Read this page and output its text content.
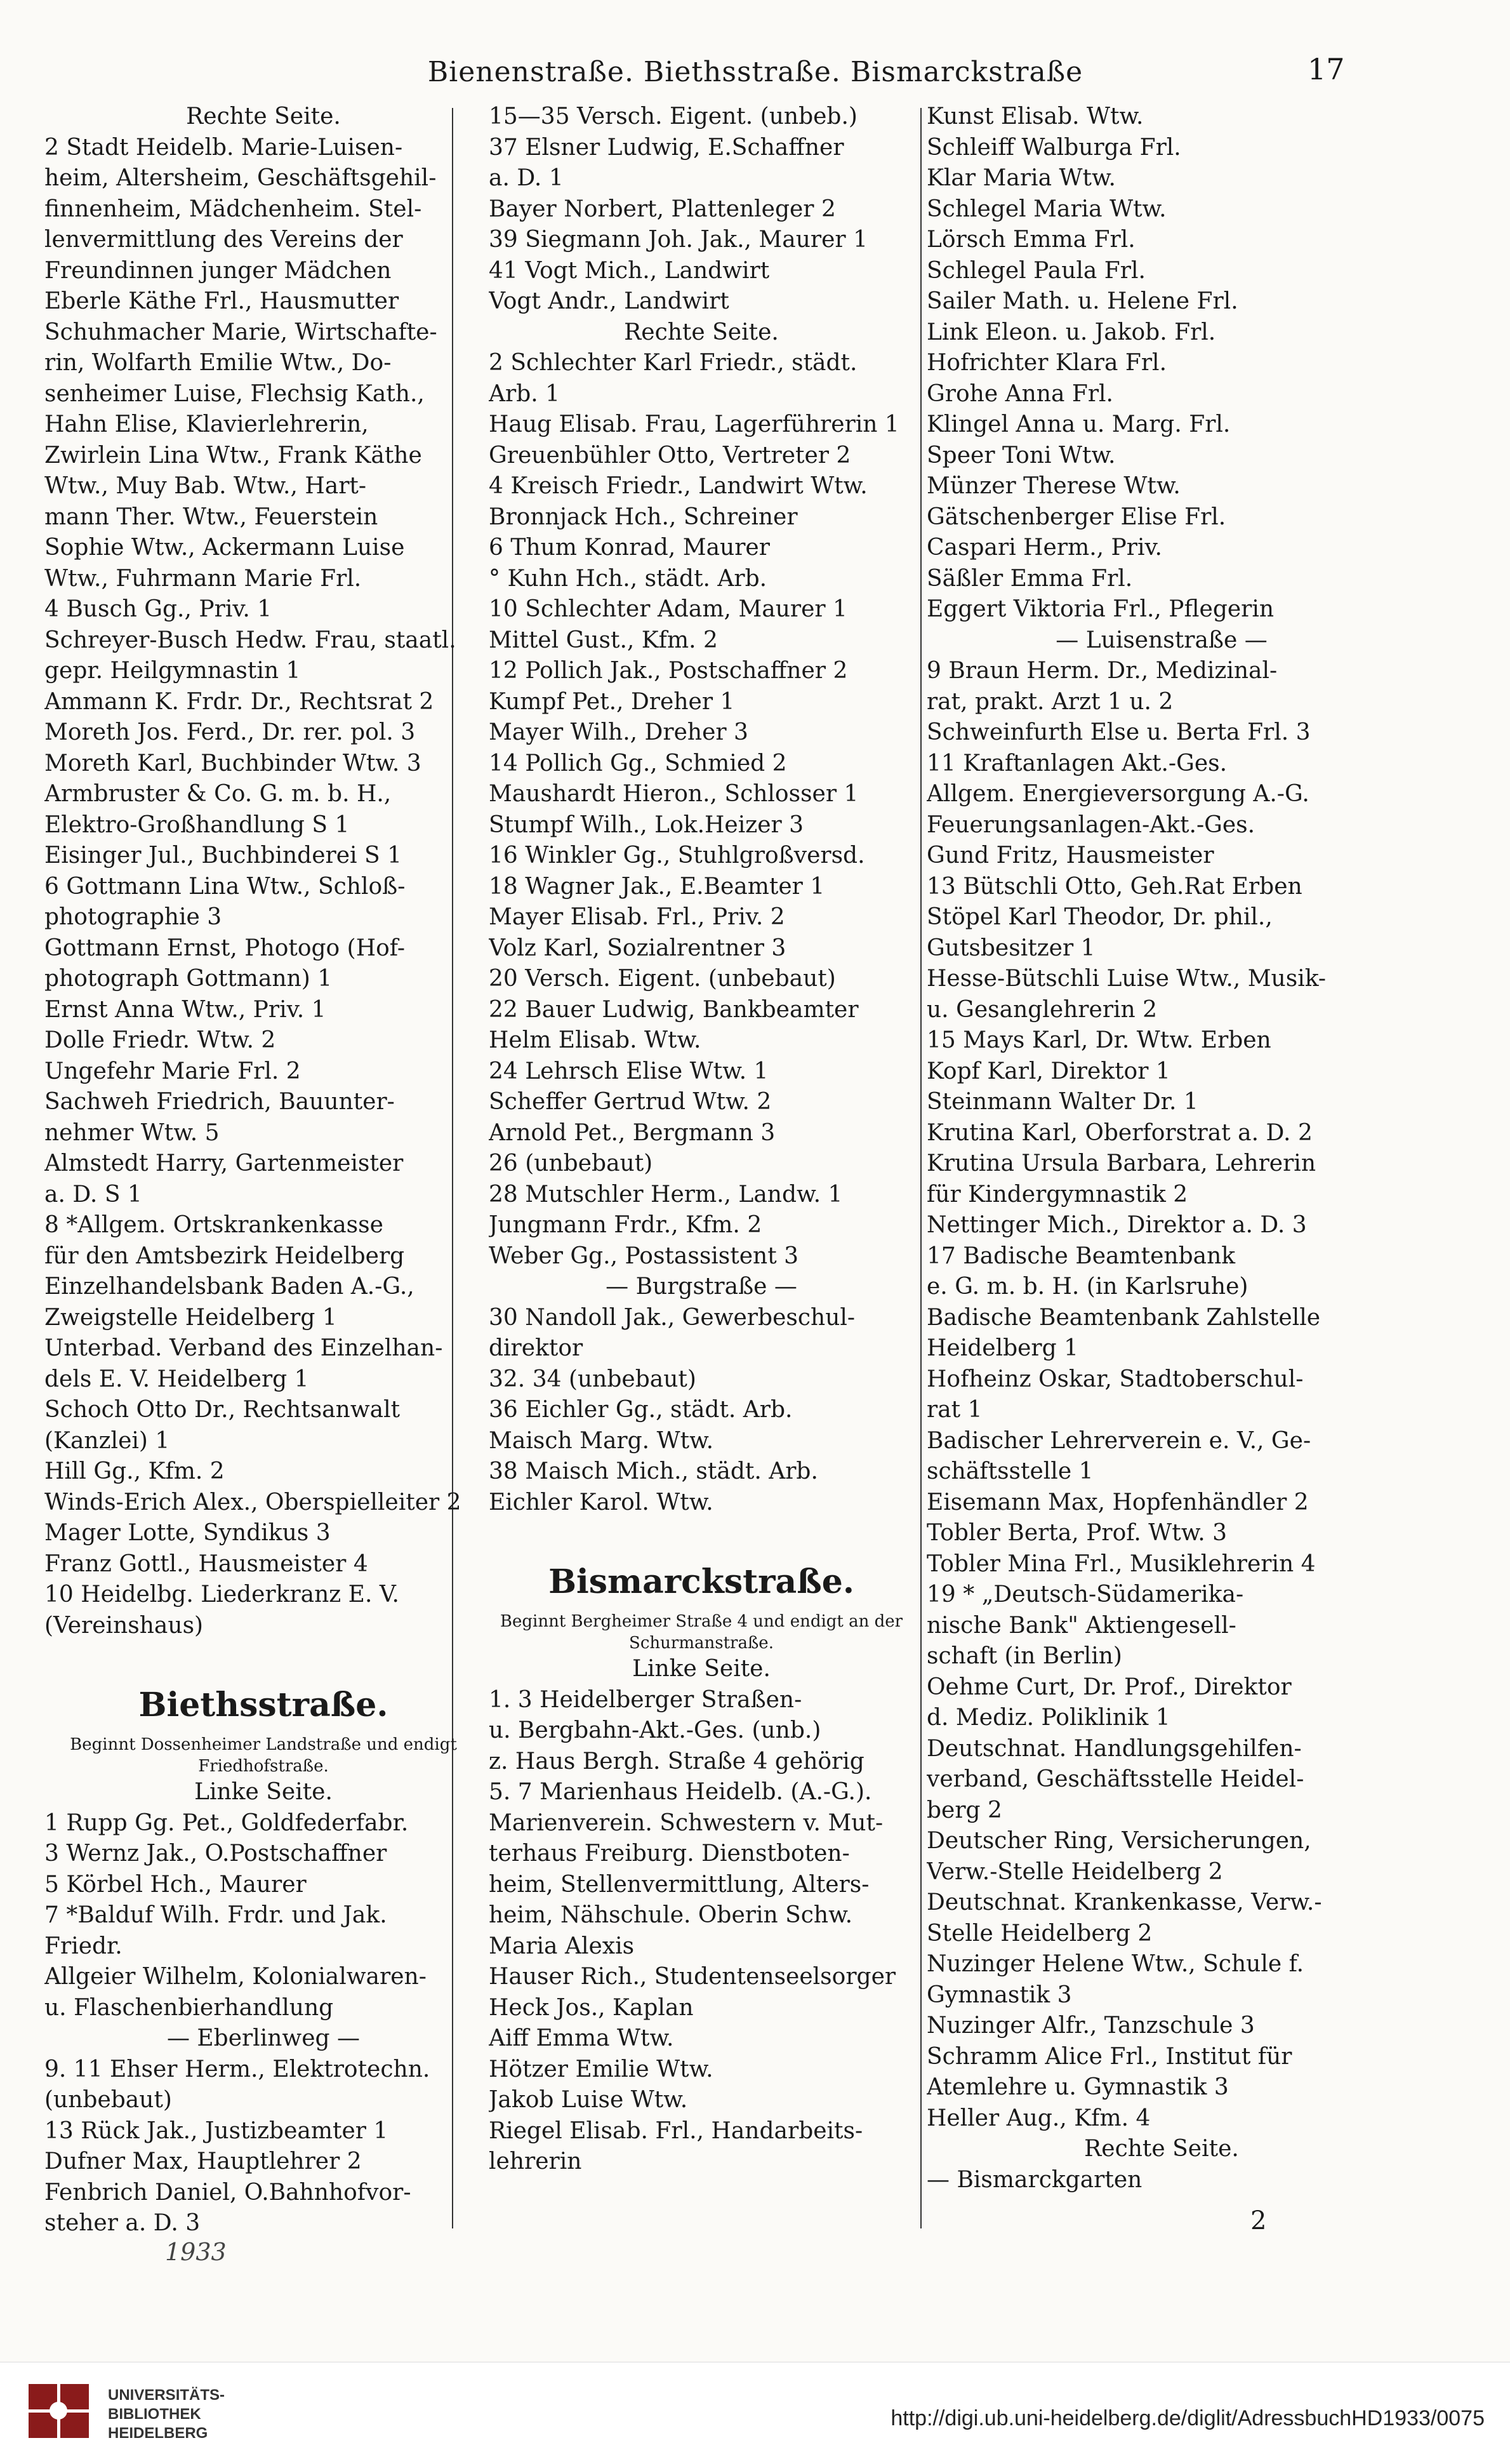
Bienenstraße. Biethsstraße. Bismarckstraße	17
Rechte Seite.
2 Stadt Heidelb. Marie-Luisen-
heim, Altersheim, Geschäftsgehil-
finnenheim, Mädchenheim. Stel-
lenvermittlung des Vereins der
Freundinnen junger Mädchen
Eberle Käthe Frl., Hausmutter
Schuhmacher Marie, Wirtschafte-
rin, Wolfarth Emilie Wtw., Do-
senheimer Luise, Flechsig Kath.,
Hahn Elise, Klavierlehrerin,
Zwirlein Lina Wtw., Frank Käthe
Wtw., Muy Bab. Wtw., Hart-
mann Ther. Wtw., Feuerstein
Sophie Wtw., Ackermann Luise
Wtw., Fuhrmann Marie Frl.
4 Busch Gg., Priv. 1
Schreyer-Busch Hedw. Frau, staatl.
gepr. Heilgymnastin 1
Ammann K. Frdr. Dr., Rechtsrat 2
Moreth Jos. Ferd., Dr. rer. pol. 3
Moreth Karl, Buchbinder Wtw. 3
Armbruster & Co. G. m. b. H.,
Elektro-Großhandlung S 1
Eisinger Jul., Buchbinderei S 1
6 Gottmann Lina Wtw., Schloß-
photographie 3
Gottmann Ernst, Photogo (Hof-
photograph Gottmann) 1
Ernst Anna Wtw., Priv. 1
Dolle Friedr. Wtw. 2
Ungefehr Marie Frl. 2
Sachweh Friedrich, Bauunter-
nehmer Wtw. 5
Almstedt Harry, Gartenmeister
a. D. S 1
8 *Allgem. Ortskrankenkasse
für den Amtsbezirk Heidelberg
Einzelhandelsbank Baden A.-G.,
Zweigstelle Heidelberg 1
Unterbad. Verband des Einzelhan-
dels E. V. Heidelberg 1
Schoch Otto Dr., Rechtsanwalt
(Kanzlei) 1
Hill Gg., Kfm. 2
Winds-Erich Alex., Oberspielleiter 2
Mager Lotte, Syndikus 3
Franz Gottl., Hausmeister 4
10 Heidelbg. Liederkranz E. V.
(Vereinshaus)
Biethsstraße.
Beginnt Dossenheimer Landstraße und endigt Friedhofstraße.
Linke Seite.
1 Rupp Gg. Pet., Goldfederfabr.
3 Wernz Jak., O.Postschaffner
5 Körbel Hch., Maurer
7 *Balduf Wilh. Frdr. und Jak.
Friedr.
Allgeier Wilhelm, Kolonialwaren-
u. Flaschenbierhandlung
— Eberlinweg —
9. 11 Ehser Herm., Elektrotechn.
(unbebaut)
13 Rück Jak., Justizbeamter 1
Dufner Max, Hauptlehrer 2
Fenbrich Daniel, O.Bahnhofvor-
steher a. D. 3
15—35 Versch. Eigent. (unbeb.)
37 Elsner Ludwig, E.Schaffner
a. D. 1
Bayer Norbert, Plattenleger 2
39 Siegmann Joh. Jak., Maurer 1
41 Vogt Mich., Landwirt
Vogt Andr., Landwirt
Rechte Seite.
2 Schlechter Karl Friedr., städt.
Arb. 1
Haug Elisab. Frau, Lagerführerin 1
Greuenbühler Otto, Vertreter 2
4 Kreisch Friedr., Landwirt Wtw.
Bronnjack Hch., Schreiner
6 Thum Konrad, Maurer
° Kuhn Hch., städt. Arb.
10 Schlechter Adam, Maurer 1
Mittel Gust., Kfm. 2
12 Pollich Jak., Postschaffner 2
Kumpf Pet., Dreher 1
Mayer Wilh., Dreher 3
14 Pollich Gg., Schmied 2
Maushardt Hieron., Schlosser 1
Stumpf Wilh., Lok.Heizer 3
16 Winkler Gg., Stuhlgroßversd.
18 Wagner Jak., E.Beamter 1
Mayer Elisab. Frl., Priv. 2
Volz Karl, Sozialrentner 3
20 Versch. Eigent. (unbebaut)
22 Bauer Ludwig, Bankbeamter
Helm Elisab. Wtw.
24 Lehrsch Elise Wtw. 1
Scheffer Gertrud Wtw. 2
Arnold Pet., Bergmann 3
26 (unbebaut)
28 Mutschler Herm., Landw. 1
Jungmann Frdr., Kfm. 2
Weber Gg., Postassistent 3
— Burgstraße —
30 Nandoll Jak., Gewerbeschul-
direktor
32. 34 (unbebaut)
36 Eichler Gg., städt. Arb.
Maisch Marg. Wtw.
38 Maisch Mich., städt. Arb.
Eichler Karol. Wtw.
Bismarckstraße.
Beginnt Bergheimer Straße 4 und endigt an der Schurmanstraße.
Linke Seite.
1. 3 Heidelberger Straßen-
u. Bergbahn-Akt.-Ges. (unb.)
z. Haus Bergh. Straße 4 gehörig
5. 7 Marienhaus Heidelb. (A.-G.).
Marienverein. Schwestern v. Mut-
terhaus Freiburg. Dienstboten-
heim, Stellenvermittlung, Alters-
heim, Nähschule. Oberin Schw.
Maria Alexis
Hauser Rich., Studentenseelsorger
Heck Jos., Kaplan
Aiff Emma Wtw.
Hötzer Emilie Wtw.
Jakob Luise Wtw.
Riegel Elisab. Frl., Handarbeits-
lehrerin
Kunst Elisab. Wtw.
Schleiff Walburga Frl.
Klar Maria Wtw.
Schlegel Maria Wtw.
Lörsch Emma Frl.
Schlegel Paula Frl.
Sailer Math. u. Helene Frl.
Link Eleon. u. Jakob. Frl.
Hofrichter Klara Frl.
Grohe Anna Frl.
Klingel Anna u. Marg. Frl.
Speer Toni Wtw.
Münzer Therese Wtw.
Gätschenberger Elise Frl.
Caspari Herm., Priv.
Säßler Emma Frl.
Eggert Viktoria Frl., Pflegerin
— Luisenstraße —
9 Braun Herm. Dr., Medizinal-
rat, prakt. Arzt 1 u. 2
Schweinfurth Else u. Berta Frl. 3
11 Kraftanlagen Akt.-Ges.
Allgem. Energieversorgung A.-G.
Feuerungsanlagen-Akt.-Ges.
Gund Fritz, Hausmeister
13 Bütschli Otto, Geh.Rat Erben
Stöpel Karl Theodor, Dr. phil.,
Gutsbesitzer 1
Hesse-Bütschli Luise Wtw., Musik-
u. Gesanglehrerin 2
15 Mays Karl, Dr. Wtw. Erben
Kopf Karl, Direktor 1
Steinmann Walter Dr. 1
Krutina Karl, Oberforstrat a. D. 2
Krutina Ursula Barbara, Lehrerin
für Kindergymnastik 2
Nettinger Mich., Direktor a. D. 3
17 Badische Beamtenbank
e. G. m. b. H. (in Karlsruhe)
Badische Beamtenbank Zahlstelle
Heidelberg 1
Hofheinz Oskar, Stadtoberschul-
rat 1
Badischer Lehrerverein e. V., Ge-
schäftsstelle 1
Eisemann Max, Hopfenhändler 2
Tobler Berta, Prof. Wtw. 3
Tobler Mina Frl., Musiklehrerin 4
19 * „Deutsch-Südamerika-
nische Bank" Aktiengesell-
schaft (in Berlin)
Oehme Curt, Dr. Prof., Direktor
d. Mediz. Poliklinik 1
Deutschnat. Handlungsgehilfen-
verband, Geschäftsstelle Heidel-
berg 2
Deutscher Ring, Versicherungen,
Verw.-Stelle Heidelberg 2
Deutschnat. Krankenkasse, Verw.-
Stelle Heidelberg 2
Nuzinger Helene Wtw., Schule f.
Gymnastik 3
Nuzinger Alfr., Tanzschule 3
Schramm Alice Frl., Institut für
Atemlehre u. Gymnastik 3
Heller Aug., Kfm. 4
Rechte Seite.
— Bismarckgarten
1933
2
UNIVERSITÄTS-
BIBLIOTHEK
HEIDELBERG
http://digi.ub.uni-heidelberg.de/diglit/AdressbuchHD1933/0075
